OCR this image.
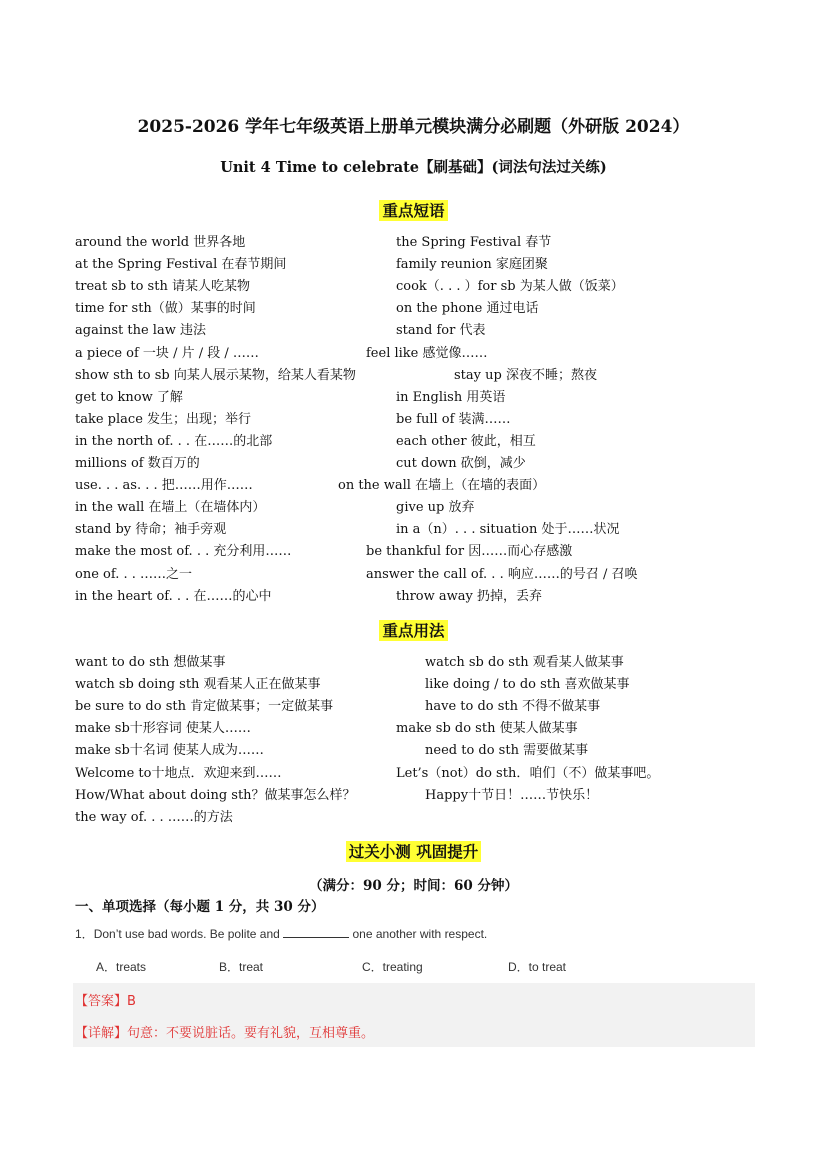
2025-2026 学年七年级英语上册单元模块满分必刷题（外研版 2024）
Unit 4 Time to celebrate【刷基础】(词法句法过关练)
重点短语
around the world 世界各地	the Spring Festival 春节
at the Spring Festival 在春节期间	family reunion 家庭团聚
treat sb to sth 请某人吃某物	cook（. . . ）for sb 为某人做（饭菜）
time for sth（做）某事的时间	on the phone 通过电话
against the law 违法	stand for 代表
a piece of 一块 / 片 / 段 / ……	feel like 感觉像……
show sth to sb 向某人展示某物，给某人看某物	stay up 深夜不睡；熬夜
get to know 了解	in English 用英语
take place 发生；出现；举行	be full of 装满……
in the north of. . . 在……的北部	each other 彼此，相互
millions of 数百万的	cut down 砍倒，减少
use. . . as. . . 把……用作……	on the wall 在墙上（在墙的表面）
in the wall 在墙上（在墙体内）	give up 放弃
stand by 待命；袖手旁观	in a（n）. . . situation 处于……状况
make the most of. . . 充分利用……	be thankful for 因……而心存感激
one of. . . ……之一	answer the call of. . . 响应……的号召 / 召唤
in the heart of. . . 在……的心中	throw away 扔掉，丢弃
重点用法
want to do sth 想做某事	watch sb do sth 观看某人做某事
watch sb doing sth 观看某人正在做某事	like doing / to do sth 喜欢做某事
be sure to do sth 肯定做某事；一定做某事	have to do sth 不得不做某事
make sb十形容词 使某人……	make sb do sth 使某人做某事
make sb十名词 使某人成为……	need to do sth 需要做某事
Welcome to十地点．欢迎来到……	Let’s（not）do sth．咱们（不）做某事吧。
How/What about doing sth？做某事怎么样？	Happy十节日！……节快乐！
the way of. . . ……的方法
过关小测 巩固提升
（满分：90 分；时间：60 分钟）
一、单项选择（每小题 1 分，共 30 分）
1．Don’t use bad words. Be polite and	one another with respect.
A．treats	B．treat	C．treating	D．to treat
【答案】B
【详解】句意：不要说脏话。要有礼貌，互相尊重。
